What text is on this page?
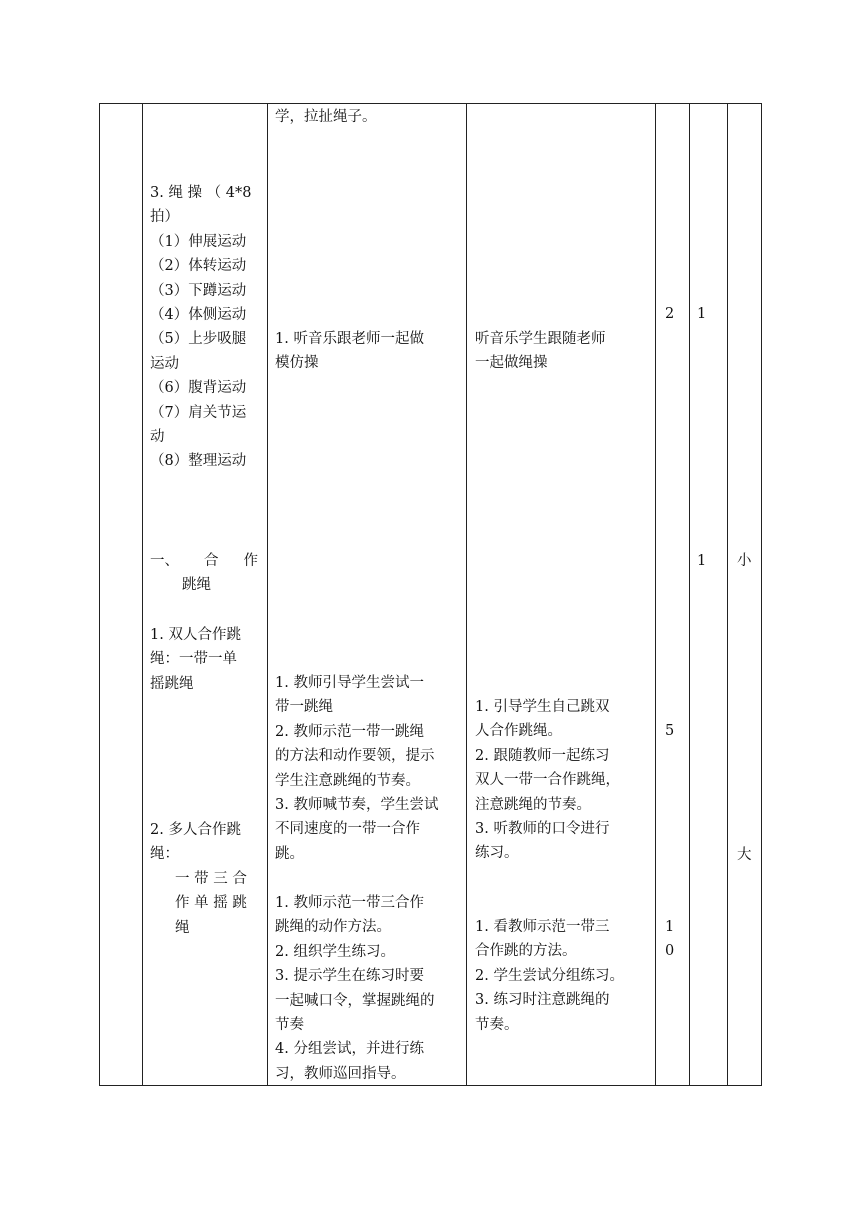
3. 绳 操 （ 4*8
拍）
（1）伸展运动
（2）体转运动
（3）下蹲运动
（4）体侧运动
（5）上步吸腿
运动
（6）腹背运动
（7）肩关节运
动
（8）整理运动
一、 合 作
跳绳
1. 双人合作跳
绳：一带一单
摇跳绳
2. 多人合作跳
绳：
一 带 三 合
作 单 摇 跳
绳
学，拉扯绳子。
1. 听音乐跟老师一起做
模仿操
1. 教师引导学生尝试一
带一跳绳
2. 教师示范一带一跳绳
的方法和动作要领，提示
学生注意跳绳的节奏。
3. 教师喊节奏，学生尝试
不同速度的一带一合作
跳。
1. 教师示范一带三合作
跳绳的动作方法。
2. 组织学生练习。
3. 提示学生在练习时要
一起喊口令，掌握跳绳的
节奏
4. 分组尝试，并进行练
习，教师巡回指导。
听音乐学生跟随老师
一起做绳操
1. 引导学生自己跳双
人合作跳绳。
2. 跟随教师一起练习
双人一带一合作跳绳，
注意跳绳的节奏。
3. 听教师的口令进行
练习。
1. 看教师示范一带三
合作跳的方法。
2. 学生尝试分组练习。
3. 练习时注意跳绳的
节奏。
2
5
1
0
1
1 小
大
